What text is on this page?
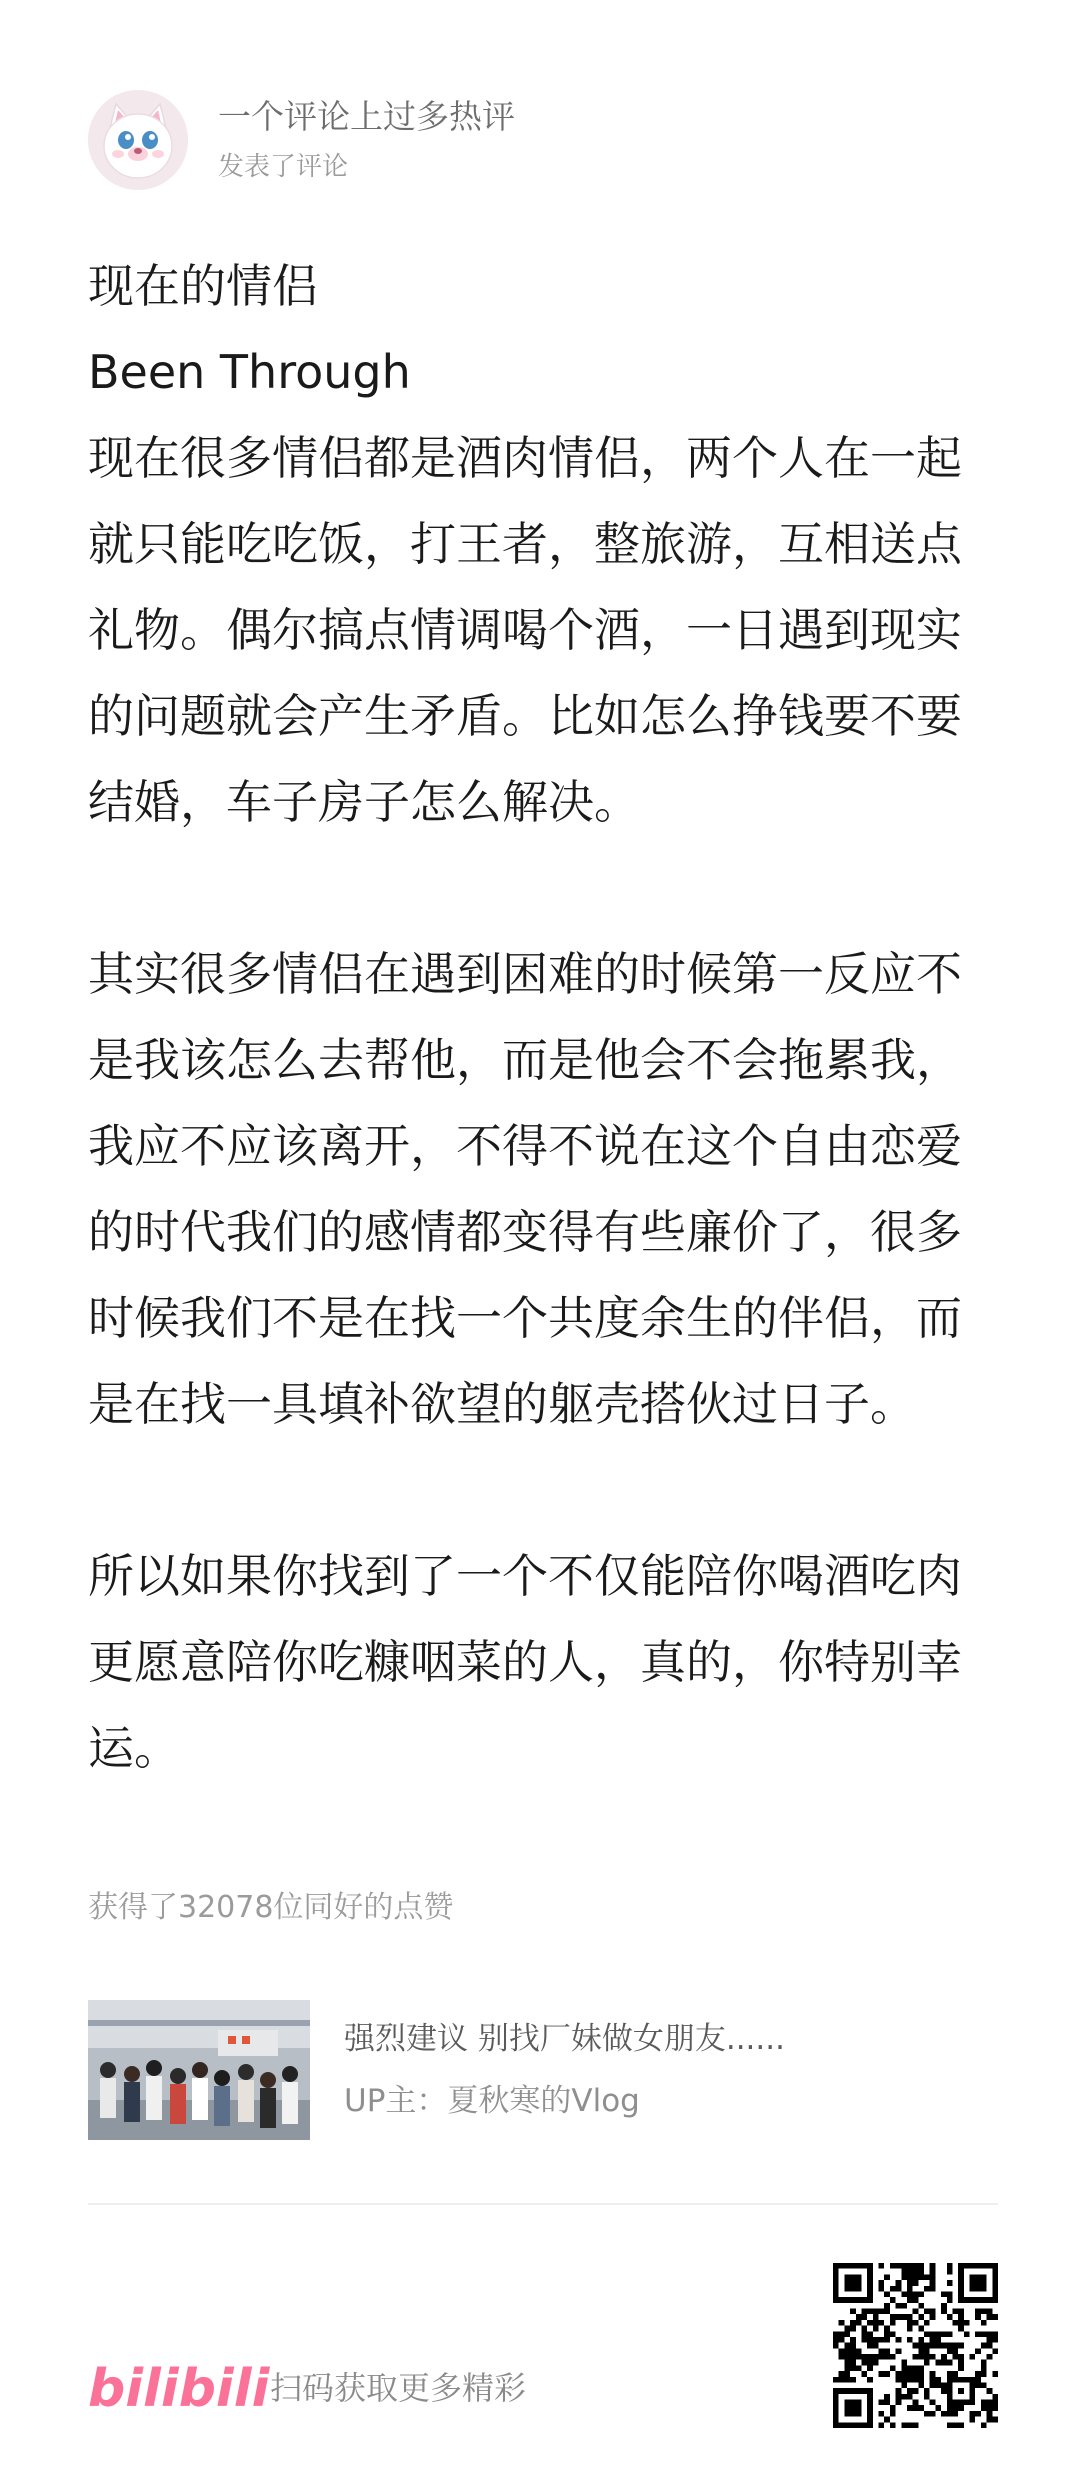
一个评论上过多热评
发表了评论
现在的情侣
Been Through

现在很多情侣都是酒肉情侣，两个人在一起就只能吃吃饭，打王者，整旅游，互相送点礼物。偶尔搞点情调喝个酒，一日遇到现实的问题就会产生矛盾。比如怎么挣钱要不要结婚，车子房子怎么解决。

其实很多情侣在遇到困难的时候第一反应不是我该怎么去帮他，而是他会不会拖累我，我应不应该离开，不得不说在这个自由恋爱的时代我们的感情都变得有些廉价了，很多时候我们不是在找一个共度余生的伴侣，而是在找一具填补欲望的躯壳搭伙过日子。

所以如果你找到了一个不仅能陪你喝酒吃肉更愿意陪你吃糠咽菜的人，真的，你特别幸运。

获得了32078位同好的点赞
强烈建议 别找厂妹做女朋友......
UP主：夏秋寒的Vlog
bilibili 扫码获取更多精彩
